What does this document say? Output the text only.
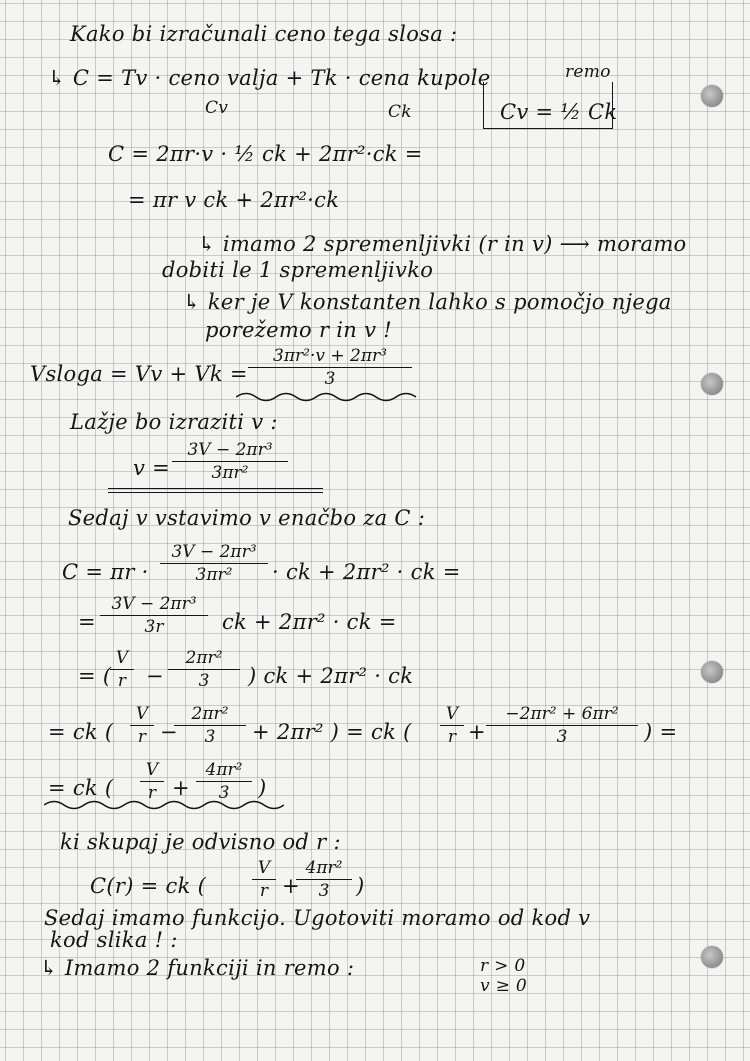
Kako bi izračunali ceno tega slosa :
↳ C = Tv · ceno valja + Tk · cena kupole
Cv	Ck
remo
Cv = ½ Ck
C = 2πr·v · ½ ck + 2πr²·ck =
= πr v ck + 2πr²·ck
↳ imamo 2 spremenljivki (r in v) ⟶ moramo
dobiti le 1 spremenljivko
↳ ker je V konstanten lahko s pomočjo njega
porežemo r in v !
Vsloga = Vv + Vk =
3πr²·v + 2πr³
3
Lažje bo izraziti v :
v =
3V − 2πr³
3πr²
Sedaj v vstavimo v enačbo za C :
C = πr ·
3V − 2πr³
3πr²	· ck + 2πr² · ck =
=
3V − 2πr³
3r	ck + 2πr² · ck =
= (
V
r −
2πr²
3	) ck + 2πr² · ck
= ck (
V
r −
2πr²
3	+ 2πr² ) = ck (
V
r +
−2πr² + 6πr²
3	) =
= ck (
V
r +
4πr²
3	)
ki skupaj je odvisno od r :
C(r) = ck (
V
r +
4πr²
3	)
Sedaj imamo funkcijo. Ugotoviti moramo od kod v
kod slika ! :
↳ Imamo 2 funkciji in remo :	r > 0
v ≥ 0
